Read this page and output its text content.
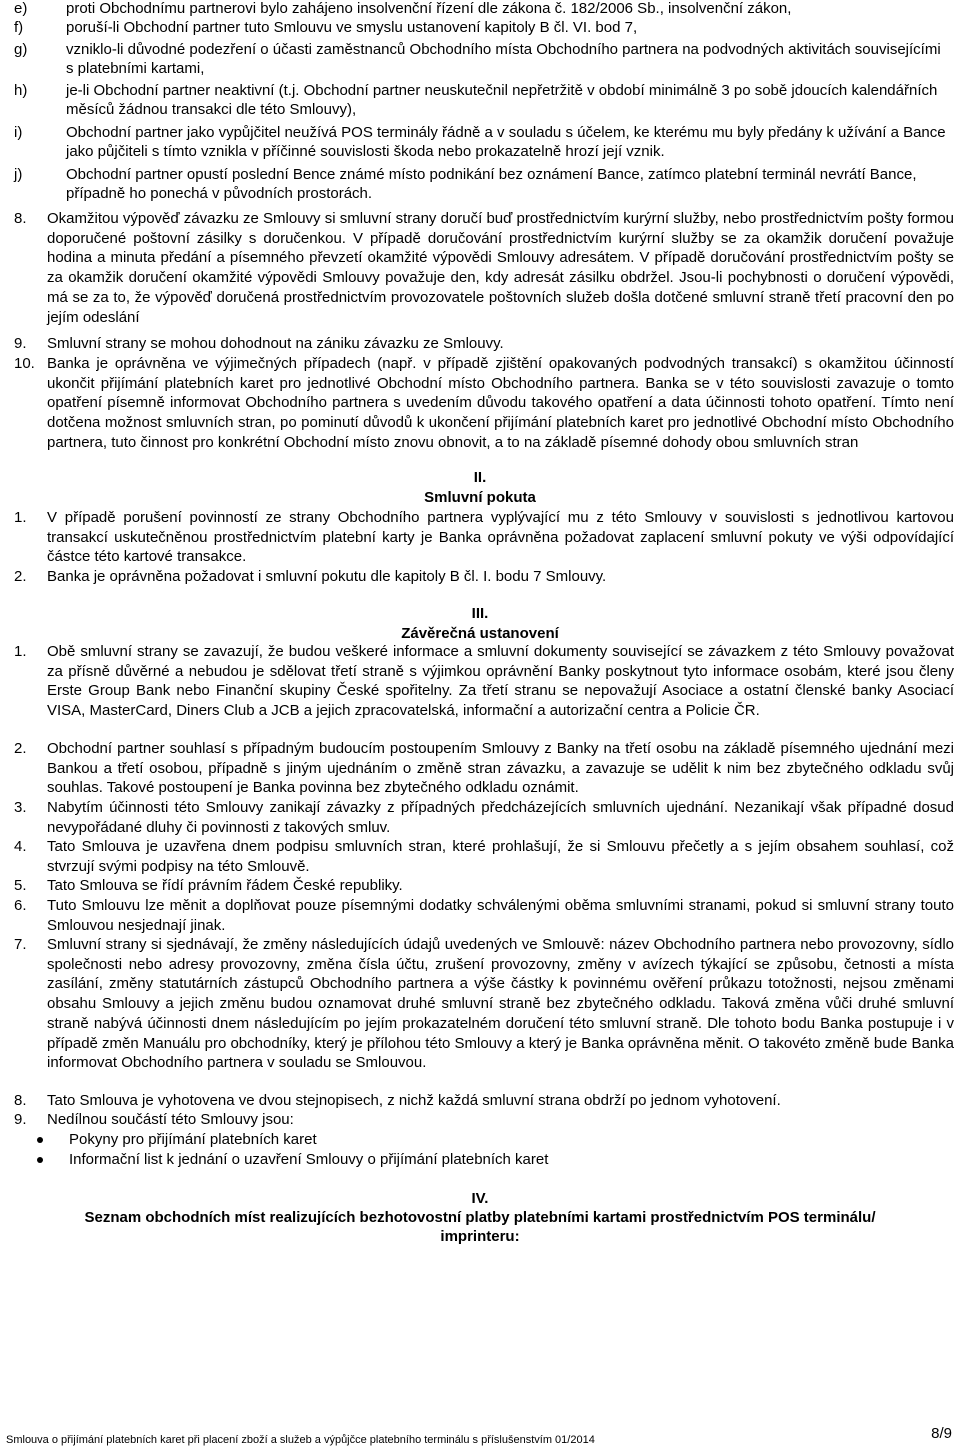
e)	proti Obchodnímu partnerovi bylo zahájeno insolvenční řízení dle zákona č. 182/2006 Sb., insolvenční zákon,
f)	poruší-li Obchodní partner tuto Smlouvu ve smyslu ustanovení kapitoly B čl. VI. bod 7,
g)	vzniklo-li důvodné podezření o účasti zaměstnanců Obchodního místa Obchodního partnera na podvodných aktivitách souvisejícími s platebními kartami,
h)	je-li Obchodní partner neaktivní (t.j. Obchodní partner neuskutečnil nepřetržitě v období minimálně 3 po sobě jdoucích kalendářních měsíců žádnou transakci dle této Smlouvy),
i)	Obchodní partner jako vypůjčitel neužívá POS terminály řádně a v souladu s účelem, ke kterému mu byly předány k užívání a Bance jako půjčiteli s tímto vznikla v příčinné souvislosti škoda nebo prokazatelně hrozí její vznik.
j)	Obchodní partner opustí poslední Bence známé místo podnikání bez oznámení Bance, zatímco platební terminál nevrátí Bance, případně ho ponechá v původních prostorách.
8. Okamžitou výpověď závazku ze Smlouvy si smluvní strany doručí buď prostřednictvím kurýrní služby, nebo prostřednictvím pošty formou doporučené poštovní zásilky s doručenkou. V případě doručování prostřednictvím kurýrní služby se za okamžik doručení považuje hodina a minuta předání a písemného převzetí okamžité výpovědi Smlouvy adresátem. V případě doručování prostřednictvím pošty se za okamžik doručení okamžité výpovědi Smlouvy považuje den, kdy adresát zásilku obdržel. Jsou-li pochybnosti o doručení výpovědi, má se za to, že výpověď doručená prostřednictvím provozovatele poštovních služeb došla dotčené smluvní straně třetí pracovní den po jejím odeslání
9. Smluvní strany se mohou dohodnout na zániku závazku ze Smlouvy.
10. Banka je oprávněna ve výjimečných případech (např. v případě zjištění opakovaných podvodných transakcí) s okamžitou účinností ukončit přijímání platebních karet pro jednotlivé Obchodní místo Obchodního partnera. Banka se v této souvislosti zavazuje o tomto opatření písemně informovat Obchodního partnera s uvedením důvodu takového opatření a data účinnosti tohoto opatření. Tímto není dotčena možnost smluvních stran, po pominutí důvodů k ukončení přijímání platebních karet pro jednotlivé Obchodní místo Obchodního partnera, tuto činnost pro konkrétní Obchodní místo znovu obnovit, a to na základě písemné dohody obou smluvních stran
II.
Smluvní pokuta
1. V případě porušení povinností ze strany Obchodního partnera vyplývající mu z této Smlouvy v souvislosti s jednotlivou kartovou transakcí uskutečněnou prostřednictvím platební karty je Banka oprávněna požadovat zaplacení smluvní pokuty ve výši odpovídající částce této kartové transakce.
2. Banka je oprávněna požadovat i smluvní pokutu dle kapitoly B čl. I. bodu 7 Smlouvy.
III.
Závěrečná ustanovení
1. Obě smluvní strany se zavazují, že budou veškeré informace a smluvní dokumenty související se závazkem z této Smlouvy považovat za přísně důvěrné a nebudou je sdělovat třetí straně s výjimkou oprávnění Banky poskytnout tyto informace osobám, které jsou členy Erste Group Bank nebo Finanční skupiny České spořitelny. Za třetí stranu se nepovažují Asociace a ostatní členské banky Asociací VISA, MasterCard, Diners Club a JCB a jejich zpracovatelská, informační a autorizační centra a Policie ČR.
2. Obchodní partner souhlasí s případným budoucím postoupením Smlouvy z Banky na třetí osobu na základě písemného ujednání mezi Bankou a třetí osobou, případně s jiným ujednáním o změně stran závazku, a zavazuje se udělit k nim bez zbytečného odkladu svůj souhlas. Takové postoupení je Banka povinna bez zbytečného odkladu oznámit.
3. Nabytím účinnosti této Smlouvy zanikají závazky z případných předcházejících smluvních ujednání. Nezanikají však případné dosud nevypořádané dluhy či povinnosti z takových smluv.
4. Tato Smlouva je uzavřena dnem podpisu smluvních stran, které prohlašují, že si Smlouvu přečetly a s jejím obsahem souhlasí, což stvrzují svými podpisy na této Smlouvě.
5. Tato Smlouva se řídí právním řádem České republiky.
6. Tuto Smlouvu lze měnit a doplňovat pouze písemnými dodatky schválenými oběma smluvními stranami, pokud si smluvní strany touto Smlouvou nesjednají jinak.
7. Smluvní strany si sjednávají, že změny následujících údajů uvedených ve Smlouvě: název Obchodního partnera nebo provozovny, sídlo společnosti nebo adresy provozovny, změna čísla účtu, zrušení provozovny, změny v avízech týkající se způsobu, četnosti a místa zasílání, změny statutárních zástupců Obchodního partnera a výše částky k povinnému ověření průkazu totožnosti, nejsou změnami obsahu Smlouvy a jejich změnu budou oznamovat druhé smluvní straně bez zbytečného odkladu. Taková změna vůči druhé smluvní straně nabývá účinnosti dnem následujícím po jejím prokazatelném doručení této smluvní straně. Dle tohoto bodu Banka postupuje i v případě změn Manuálu pro obchodníky, který je přílohou této Smlouvy a který je Banka oprávněna měnit. O takovéto změně bude Banka informovat Obchodního partnera v souladu se Smlouvou.
8. Tato Smlouva je vyhotovena ve dvou stejnopisech, z nichž každá smluvní strana obdrží po jednom vyhotovení.
9. Nedílnou součástí této Smlouvy jsou:
Pokyny pro přijímání platebních karet
Informační list k jednání o uzavření Smlouvy o přijímání platebních karet
IV.
Seznam obchodních míst realizujících bezhotovostní platby platebními kartami prostřednictvím POS terminálu/
imprinteru:
Smlouva o přijímání platebních karet při placení zboží a služeb a výpůjčce platebního terminálu s příslušenstvím 01/2014	8/9
